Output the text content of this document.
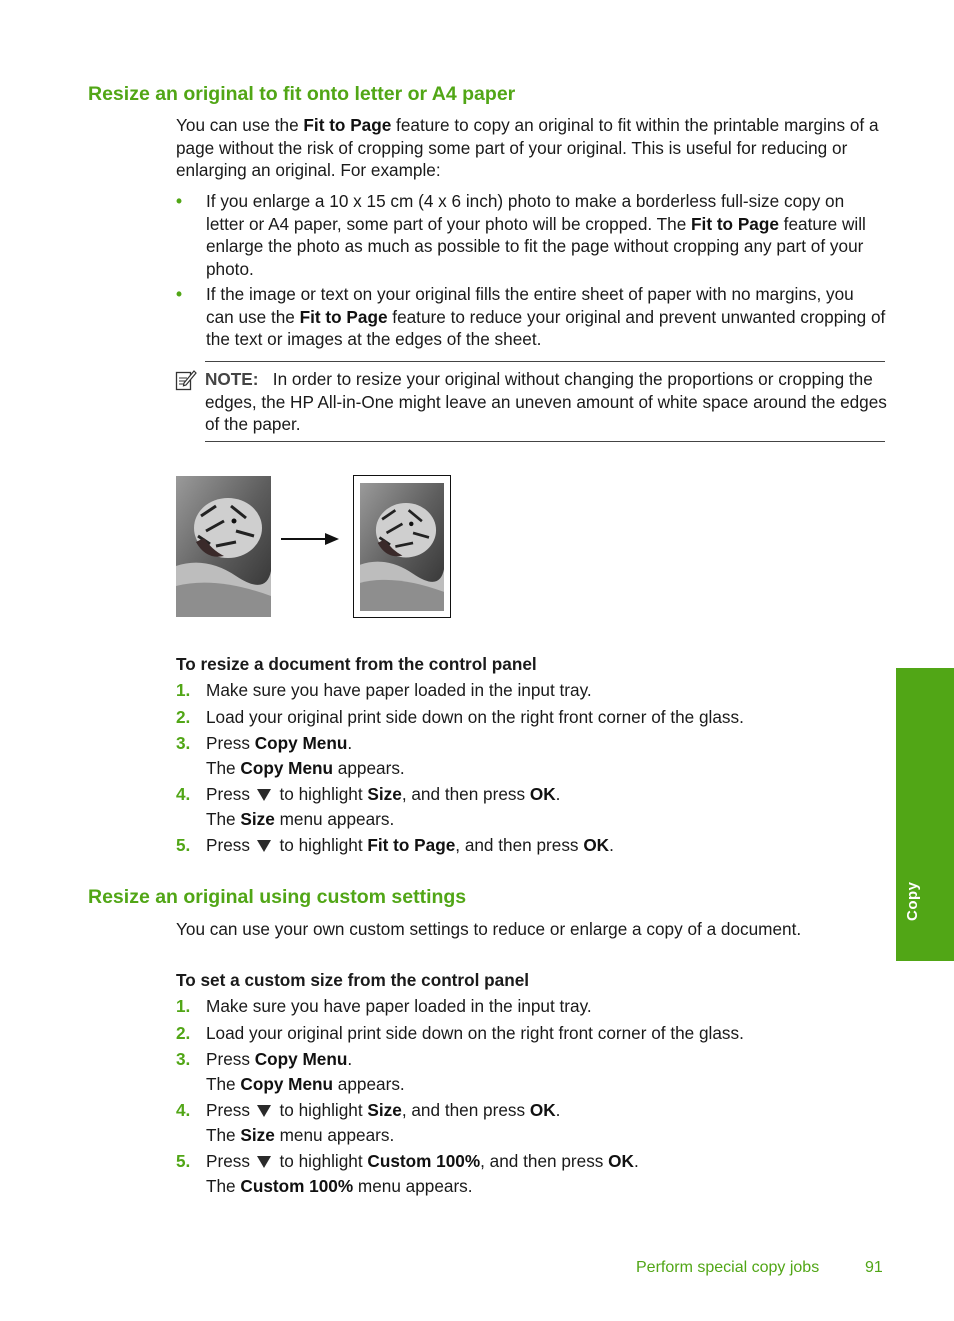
Resize an original to fit onto letter or A4 paper

You can use the Fit to Page feature to copy an original to fit within the printable margins of a page without the risk of cropping some part of your original. This is useful for reducing or enlarging an original. For example:

• If you enlarge a 10 x 15 cm (4 x 6 inch) photo to make a borderless full-size copy on letter or A4 paper, some part of your photo will be cropped. The Fit to Page feature will enlarge the photo as much as possible to fit the page without cropping any part of your photo.
• If the image or text on your original fills the entire sheet of paper with no margins, you can use the Fit to Page feature to reduce your original and prevent unwanted cropping of the text or images at the edges of the sheet.
NOTE: In order to resize your original without changing the proportions or cropping the edges, the HP All-in-One might leave an uneven amount of white space around the edges of the paper.

To resize a document from the control panel

1. Make sure you have paper loaded in the input tray.
2. Load your original print side down on the right front corner of the glass.
3. Press Copy Menu.
The Copy Menu appears.
4. Press  to highlight Size, and then press OK.
The Size menu appears.
5. Press  to highlight Fit to Page, and then press OK.
Resize an original using custom settings

You can use your own custom settings to reduce or enlarge a copy of a document.

To set a custom size from the control panel

1. Make sure you have paper loaded in the input tray.
2. Load your original print side down on the right front corner of the glass.
3. Press Copy Menu.
The Copy Menu appears.
4. Press  to highlight Size, and then press OK.
The Size menu appears.
5. Press  to highlight Custom 100%, and then press OK.
The Custom 100% menu appears.
Copy
Perform special copy jobs	91
